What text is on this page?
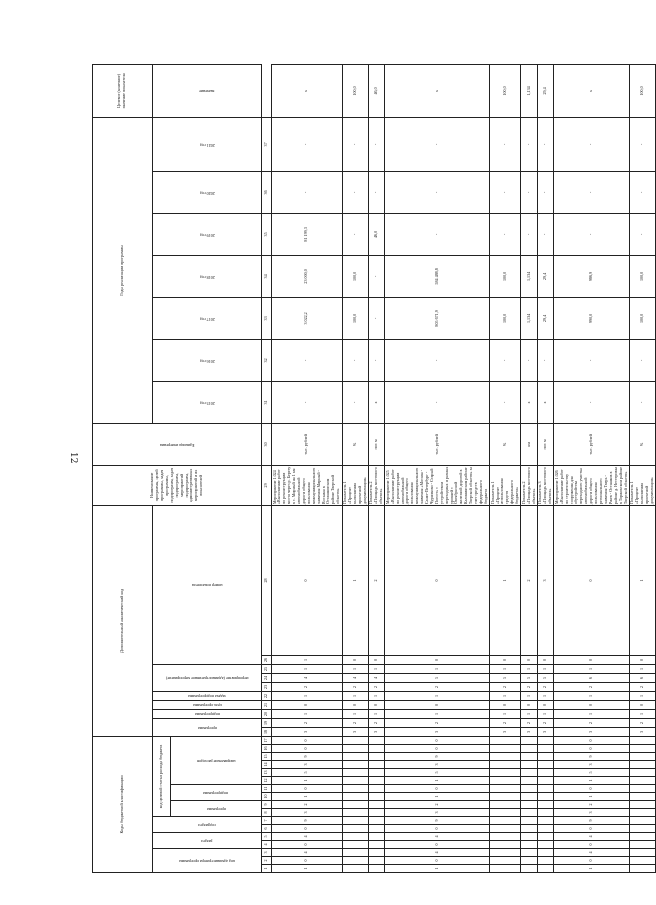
12
Коды бюджетной классификации																	Дополнительный аналитический код										Наименование программы, целей программы, задач программы, подпрограмм, задач подпрограмм, мероприятий подпрограмм, административных мероприятий и их показателей	Единица измерения	Годы реализации программы							Целевое (конечное) значение показателя

код администратора программы			раздел		подраздел		код целевой статьи расхода бюджета										программа		подпрограмма	цель программы	задача подпрограммы	мероприятие (административное мероприятие)			номер показателя				2015 год	2016 год	2017 год	2018 год	2019 год	2020 год	2021 год	значение

							программа		подпрограмма		направление расходов																									

1	2	3	4	5	6	7	8	9	10	11	12	13	14	15	16	17	18	19	20	21	22	23	24	25	26	28	29	30	31	32	33	34	35	36	37	
1	0	4	0	4	0	9	3	2	1	0	1	5	3	9	0	0	3	2	1	0	1	2	4	1	1	0	Мероприятие 1.024 «Выполнение работ по реконструкции моста через р. Березу в с. Мирный на 1 км автомобильной дороги общего пользования межмуниципального значения Мирный - Восьмая в Осташковском районе Тверской области»	тыс. рублей	-	-	3 022,2	23 000,0	81 199,3	-	-	х
																	3	2	1	0	1	2	4	1	0	1	Показатель 1 «Процент выполнения проектной документации»	%	-	-	100,0	100,0	-	-	-	100,0
																	3	2	1	0	1	2	4	1	0	2	Показатель 2 «Площадь мостового объекта»	пог. м	х	-	-	-	46,0	-	-	46,0
1	0	4	0	4	0	9	3	2	1	0	1	5	3	9	0	0	3	2	1	0	1	2	5	1	0	0	Мероприятие 1.025 «Выполнение работ по реконструкции автомобильной дороги общего пользования межмуниципального значения «Москва - Санкт-Петербург - Чурилково - Старый Погост» с устройством переходных и разных уровней с Октябрьской железной дорогой в Калининском районе Тверской области» за счет средств федерального бюджета	тыс. рублей	-	-	805 671,9	584 488,8	-	-	-	х
																	3	2	1	0	1	2	5	1	0	1	Показатель 1 «Процент использования средств федерального бюджета»	%	-	-	100,0	100,0	-	-	-	100,0
																	3	2	1	0	1	2	5	1	0	2	Показатель 2 «Площадь мостового объекта»	км	х	-	1,134	1,134	-	-	-	1,134
																	3	2	1	0	1	2	5	1	0	3	Показатель 3 «Площадь мостового объекта»	пог. м	х	-	29,4	29,4	-	-	-	29,4
1	0	4	0	4	0	9	3	2	1	0	1	5	3	9	0	0	3	2	1	0	1	2	6	1	0	0	Мероприятие 1.026 «Выполнение работ по строительству сооружения для обустройства переходного участка автомобильной дороги общего пользования регионального значения Тверь - Ржев - Осташков в районе д. Нестеровка в Торжокском районе Тверской области»	тыс. рублей	-	-	990,0	986,9	-	-	-	х
																	3	2	1	0	1	2	6	1	0	1	Показатель 1 «Процент выполнения проектной документации»	%	-	-	100,0	100,0	-	-	-	100,0
